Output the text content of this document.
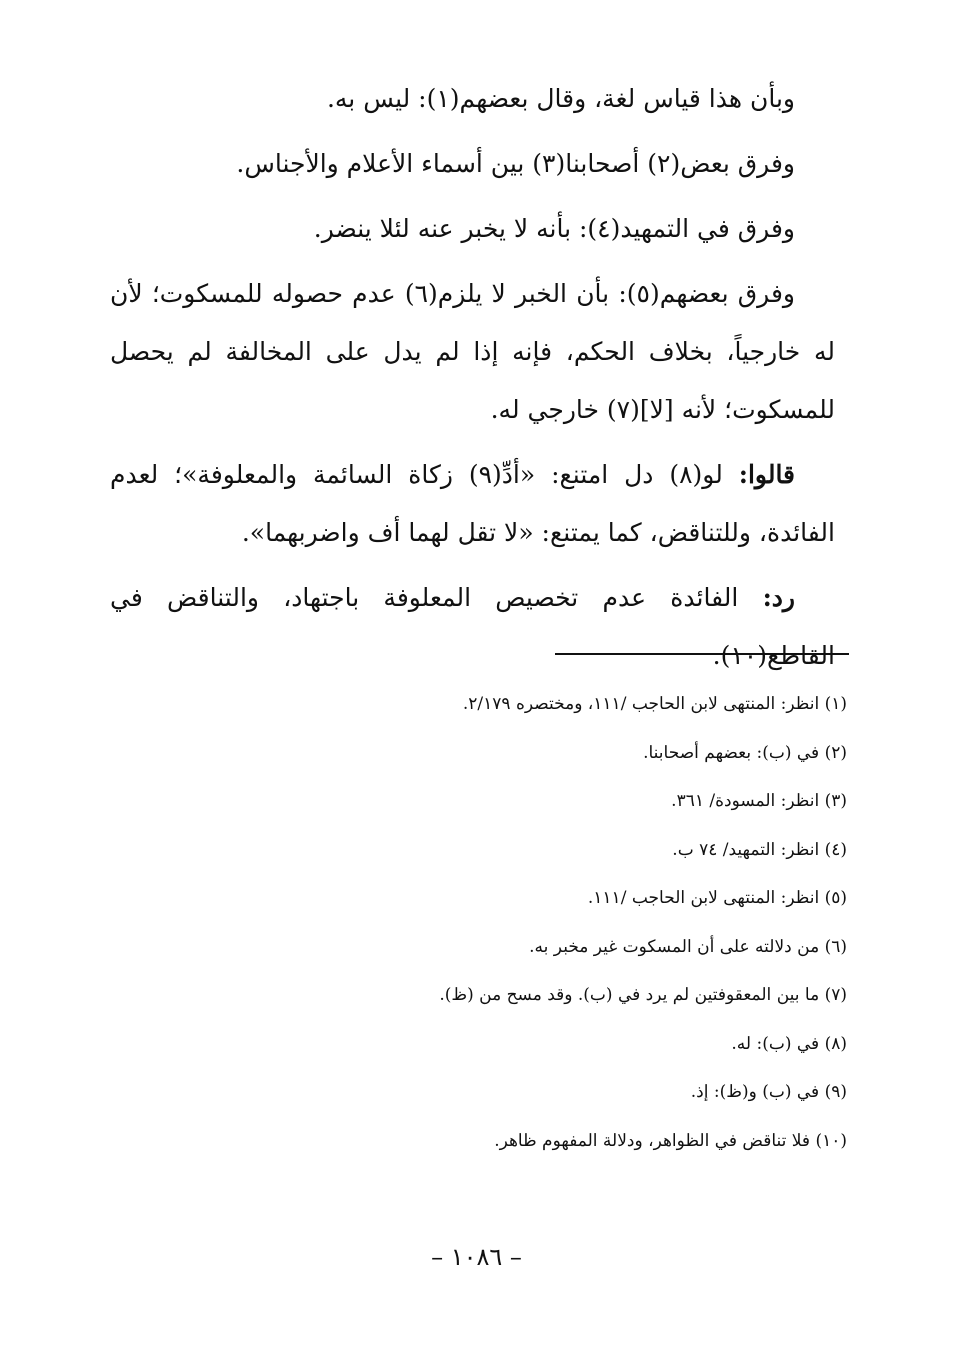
وبأن هذا قياس لغة، وقال بعضهم(١): ليس به.

وفرق بعض(٢) أصحابنا(٣) بين أسماء الأعلام والأجناس.

وفرق في التمهيد(٤): بأنه لا يخبر عنه لئلا ينضر.

وفرق بعضهم(٥): بأن الخبر لا يلزم(٦) عدم حصوله للمسكوت؛ لأن له خارجياً، بخلاف الحكم، فإنه إذا لم يدل على المخالفة لم يحصل للمسكوت؛ لأنه [لا](٧) خارجي له.

قالوا: لو(٨) دل امتنع: «أدِّ(٩) زكاة السائمة والمعلوفة»؛ لعدم الفائدة، وللتناقض، كما يمتنع: «لا تقل لهما أف واضربهما».

رد: الفائدة عدم تخصيص المعلوفة باجتهاد، والتناقض في القاطع(١٠).

(١) انظر: المنتهى لابن الحاجب /١١١، ومختصره ٢/١٧٩.

(٢) في (ب): بعضهم أصحابنا.

(٣) انظر: المسودة/ ٣٦١.

(٤) انظر: التمهيد/ ٧٤ ب.

(٥) انظر: المنتهى لابن الحاجب /١١١.

(٦) من دلالته على أن المسكوت غير مخبر به.

(٧) ما بين المعقوفتين لم يرد في (ب). وقد مسح من (ظ).

(٨) في (ب): له.

(٩) في (ب) و(ظ): إذ.

(١٠) فلا تناقض في الظواهر، ودلالة المفهوم ظاهر.

– ١٠٨٦ –
